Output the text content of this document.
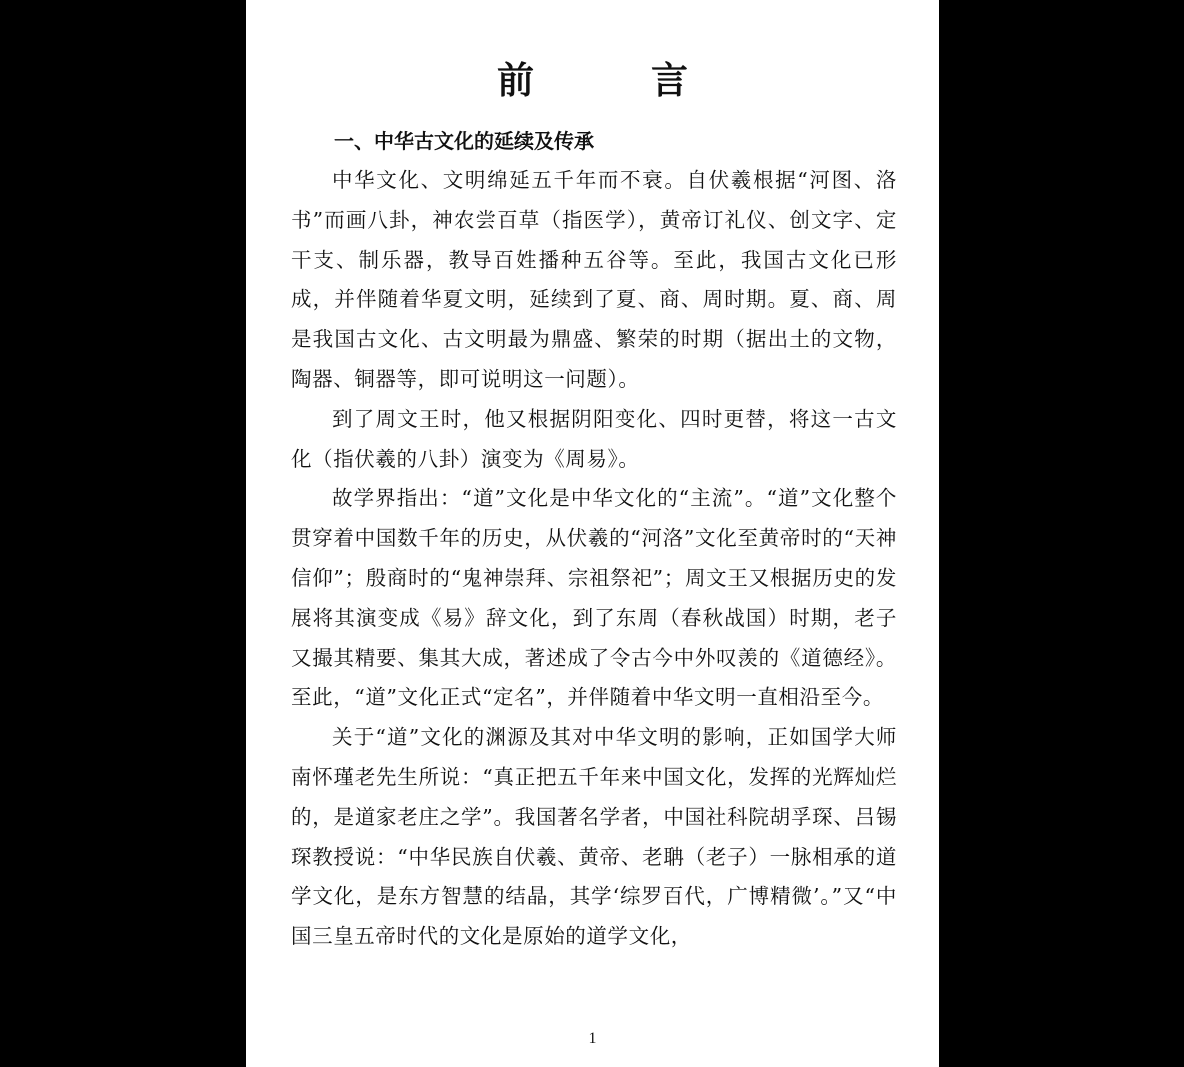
前　言
一、中华古文化的延续及传承

中华文化、文明绵延五千年而不衰。自伏羲根据“河图、洛书”而画八卦，神农尝百草（指医学），黄帝订礼仪、创文字、定干支、制乐器，教导百姓播种五谷等。至此，我国古文化已形成，并伴随着华夏文明，延续到了夏、商、周时期。夏、商、周是我国古文化、古文明最为鼎盛、繁荣的时期（据出土的文物，陶器、铜器等，即可说明这一问题）。

到了周文王时，他又根据阴阳变化、四时更替，将这一古文化（指伏羲的八卦）演变为《周易》。

故学界指出：“道”文化是中华文化的“主流”。“道”文化整个贯穿着中国数千年的历史，从伏羲的“河洛”文化至黄帝时的“天神信仰”；殷商时的“鬼神崇拜、宗祖祭祀”；周文王又根据历史的发展将其演变成《易》辞文化，到了东周（春秋战国）时期，老子又撮其精要、集其大成，著述成了令古今中外叹羡的《道德经》。至此，“道”文化正式“定名”，并伴随着中华文明一直相沿至今。

关于“道”文化的渊源及其对中华文明的影响，正如国学大师南怀瑾老先生所说：“真正把五千年来中国文化，发挥的光辉灿烂的，是道家老庄之学”。我国著名学者，中国社科院胡孚琛、吕锡琛教授说：“中华民族自伏羲、黄帝、老聃（老子）一脉相承的道学文化，是东方智慧的结晶，其学‘综罗百代，广博精微’。”又“中国三皇五帝时代的文化是原始的道学文化，

1
